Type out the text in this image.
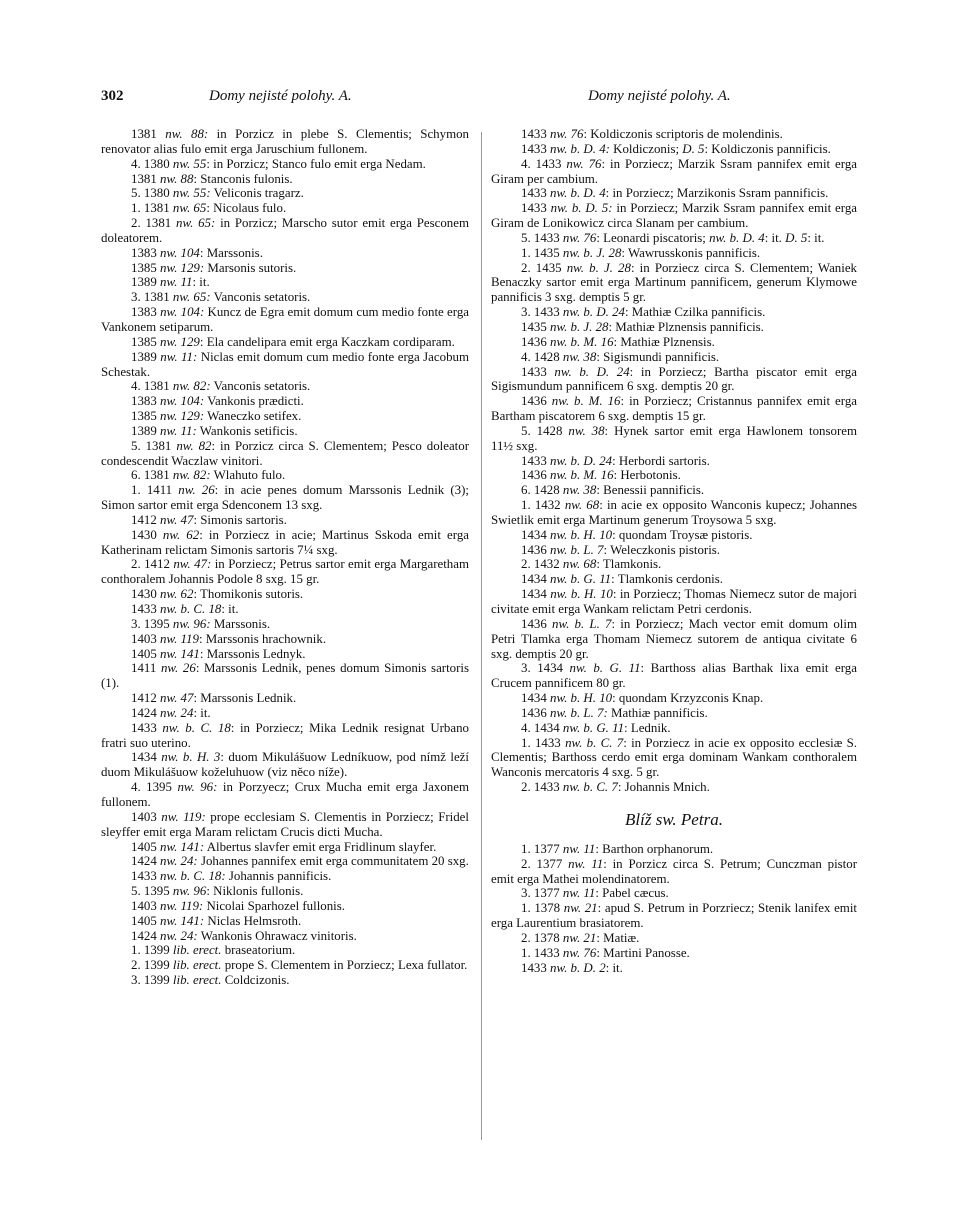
302	Domy nejisté polohy. A.	Domy nejisté polohy. A.

1381 nw. 88: in Porzicz in plebe S. Clementis; Schymon renovator alias fulo emit erga Jaruschium fullonem.

4. 1380 nw. 55: in Porzicz; Stanco fulo emit erga Nedam.

1381 nw. 88: Stanconis fulonis.

5. 1380 nw. 55: Veliconis tragarz.

1. 1381 nw. 65: Nicolaus fulo.

2. 1381 nw. 65: in Porzicz; Marscho sutor emit erga Pesconem doleatorem.

1383 nw. 104: Marssonis.

1385 nw. 129: Marsonis sutoris.

1389 nw. 11: it.

3. 1381 nw. 65: Vanconis setatoris.

1383 nw. 104: Kuncz de Egra emit domum cum medio fonte erga Vankonem setiparum.

1385 nw. 129: Ela candelipara emit erga Kaczkam cordiparam.

1389 nw. 11: Niclas emit domum cum medio fonte erga Jacobum Schestak.

4. 1381 nw. 82: Vanconis setatoris.

1383 nw. 104: Vankonis prædicti.

1385 nw. 129: Waneczko setifex.

1389 nw. 11: Wankonis setificis.

5. 1381 nw. 82: in Porzicz circa S. Clementem; Pesco doleator condescendit Waczlaw vinitori.

6. 1381 nw. 82: Wlahuto fulo.

1. 1411 nw. 26: in acie penes domum Marssonis Lednik (3); Simon sartor emit erga Sdenconem 13 sxg.

1412 nw. 47: Simonis sartoris.

1430 nw. 62: in Porziecz in acie; Martinus Sskoda emit erga Katherinam relictam Simonis sartoris 7¼ sxg.

2. 1412 nw. 47: in Porziecz; Petrus sartor emit erga Margaretham conthoralem Johannis Podole 8 sxg. 15 gr.

1430 nw. 62: Thomikonis sutoris.

1433 nw. b. C. 18: it.

3. 1395 nw. 96: Marssonis.

1403 nw. 119: Marssonis hrachownik.

1405 nw. 141: Marssonis Lednyk.

1411 nw. 26: Marssonis Lednik, penes domum Simonis sartoris (1).

1412 nw. 47: Marssonis Lednik.

1424 nw. 24: it.

1433 nw. b. C. 18: in Porziecz; Mika Lednik resignat Urbano fratri suo uterino.

1434 nw. b. H. 3: duom Mikulášuow Ledníkuow, pod nímž leží duom Mikulášuow koželuhuow (viz něco níže).

4. 1395 nw. 96: in Porzyecz; Crux Mucha emit erga Jaxonem fullonem.

1403 nw. 119: prope ecclesiam S. Clementis in Porziecz; Fridel sleyffer emit erga Maram relictam Crucis dicti Mucha.

1405 nw. 141: Albertus slavfer emit erga Fridlinum slayfer.

1424 nw. 24: Johannes pannifex emit erga communitatem 20 sxg.

1433 nw. b. C. 18: Johannis pannificis.

5. 1395 nw. 96: Niklonis fullonis.

1403 nw. 119: Nicolai Sparhozel fullonis.

1405 nw. 141: Niclas Helmsroth.

1424 nw. 24: Wankonis Ohrawacz vinitoris.

1. 1399 lib. erect. braseatorium.

2. 1399 lib. erect. prope S. Clementem in Porziecz; Lexa fullator.

3. 1399 lib. erect. Coldcizonis.

1433 nw. 76: Koldiczonis scriptoris de molendinis.

1433 nw. b. D. 4: Koldiczonis; D. 5: Koldiczonis pannificis.

4. 1433 nw. 76: in Porziecz; Marzik Ssram pannifex emit erga Giram per cambium.

1433 nw. b. D. 4: in Porziecz; Marzikonis Ssram pannificis.

1433 nw. b. D. 5: in Porziecz; Marzik Ssram pannifex emit erga Giram de Lonikowicz circa Slanam per cambium.

5. 1433 nw. 76: Leonardi piscatoris; nw. b. D. 4: it. D. 5: it.

1. 1435 nw. b. J. 28: Wawrusskonis pannificis.

2. 1435 nw. b. J. 28: in Porziecz circa S. Clementem; Waniek Benaczky sartor emit erga Martinum pannificem, generum Klymowe pannificis 3 sxg. demptis 5 gr.

3. 1433 nw. b. D. 24: Mathiæ Czilka pannificis.

1435 nw. b. J. 28: Mathiæ Plznensis pannificis.

1436 nw. b. M. 16: Mathiæ Plznensis.

4. 1428 nw. 38: Sigismundi pannificis.

1433 nw. b. D. 24: in Porziecz; Bartha piscator emit erga Sigismundum pannificem 6 sxg. demptis 20 gr.

1436 nw. b. M. 16: in Porziecz; Cristannus pannifex emit erga Bartham piscatorem 6 sxg. demptis 15 gr.

5. 1428 nw. 38: Hynek sartor emit erga Hawlonem tonsorem 11½ sxg.

1433 nw. b. D. 24: Herbordi sartoris.

1436 nw. b. M. 16: Herbotonis.

6. 1428 nw. 38: Benessii pannificis.

1. 1432 nw. 68: in acie ex opposito Wanconis kupecz; Johannes Swietlik emit erga Martinum generum Troysowa 5 sxg.

1434 nw. b. H. 10: quondam Troysæ pistoris.

1436 nw. b. L. 7: Weleczkonis pistoris.

2. 1432 nw. 68: Tlamkonis.

1434 nw. b. G. 11: Tlamkonis cerdonis.

1434 nw. b. H. 10: in Porziecz; Thomas Niemecz sutor de majori civitate emit erga Wankam relictam Petri cerdonis.

1436 nw. b. L. 7: in Porziecz; Mach vector emit domum olim Petri Tlamka erga Thomam Niemecz sutorem de antiqua civitate 6 sxg. demptis 20 gr.

3. 1434 nw. b. G. 11: Barthoss alias Barthak lixa emit erga Crucem pannificem 80 gr.

1434 nw. b. H. 10: quondam Krzyzconis Knap.

1436 nw. b. L. 7: Mathiæ pannificis.

4. 1434 nw. b. G. 11: Lednik.

1. 1433 nw. b. C. 7: in Porziecz in acie ex opposito ecclesiæ S. Clementis; Barthoss cerdo emit erga dominam Wankam conthoralem Wanconis mercatoris 4 sxg. 5 gr.

2. 1433 nw. b. C. 7: Johannis Mnich.

Blíž sw. Petra.

1. 1377 nw. 11: Barthon orphanorum.

2. 1377 nw. 11: in Porzicz circa S. Petrum; Cunczman pistor emit erga Mathei molendinatorem.

3. 1377 nw. 11: Pabel cæcus.

1. 1378 nw. 21: apud S. Petrum in Porzriecz; Stenik lanifex emit erga Laurentium brasiatorem.

2. 1378 nw. 21: Matiæ.

1. 1433 nw. 76: Martini Panosse.

1433 nw. b. D. 2: it.
